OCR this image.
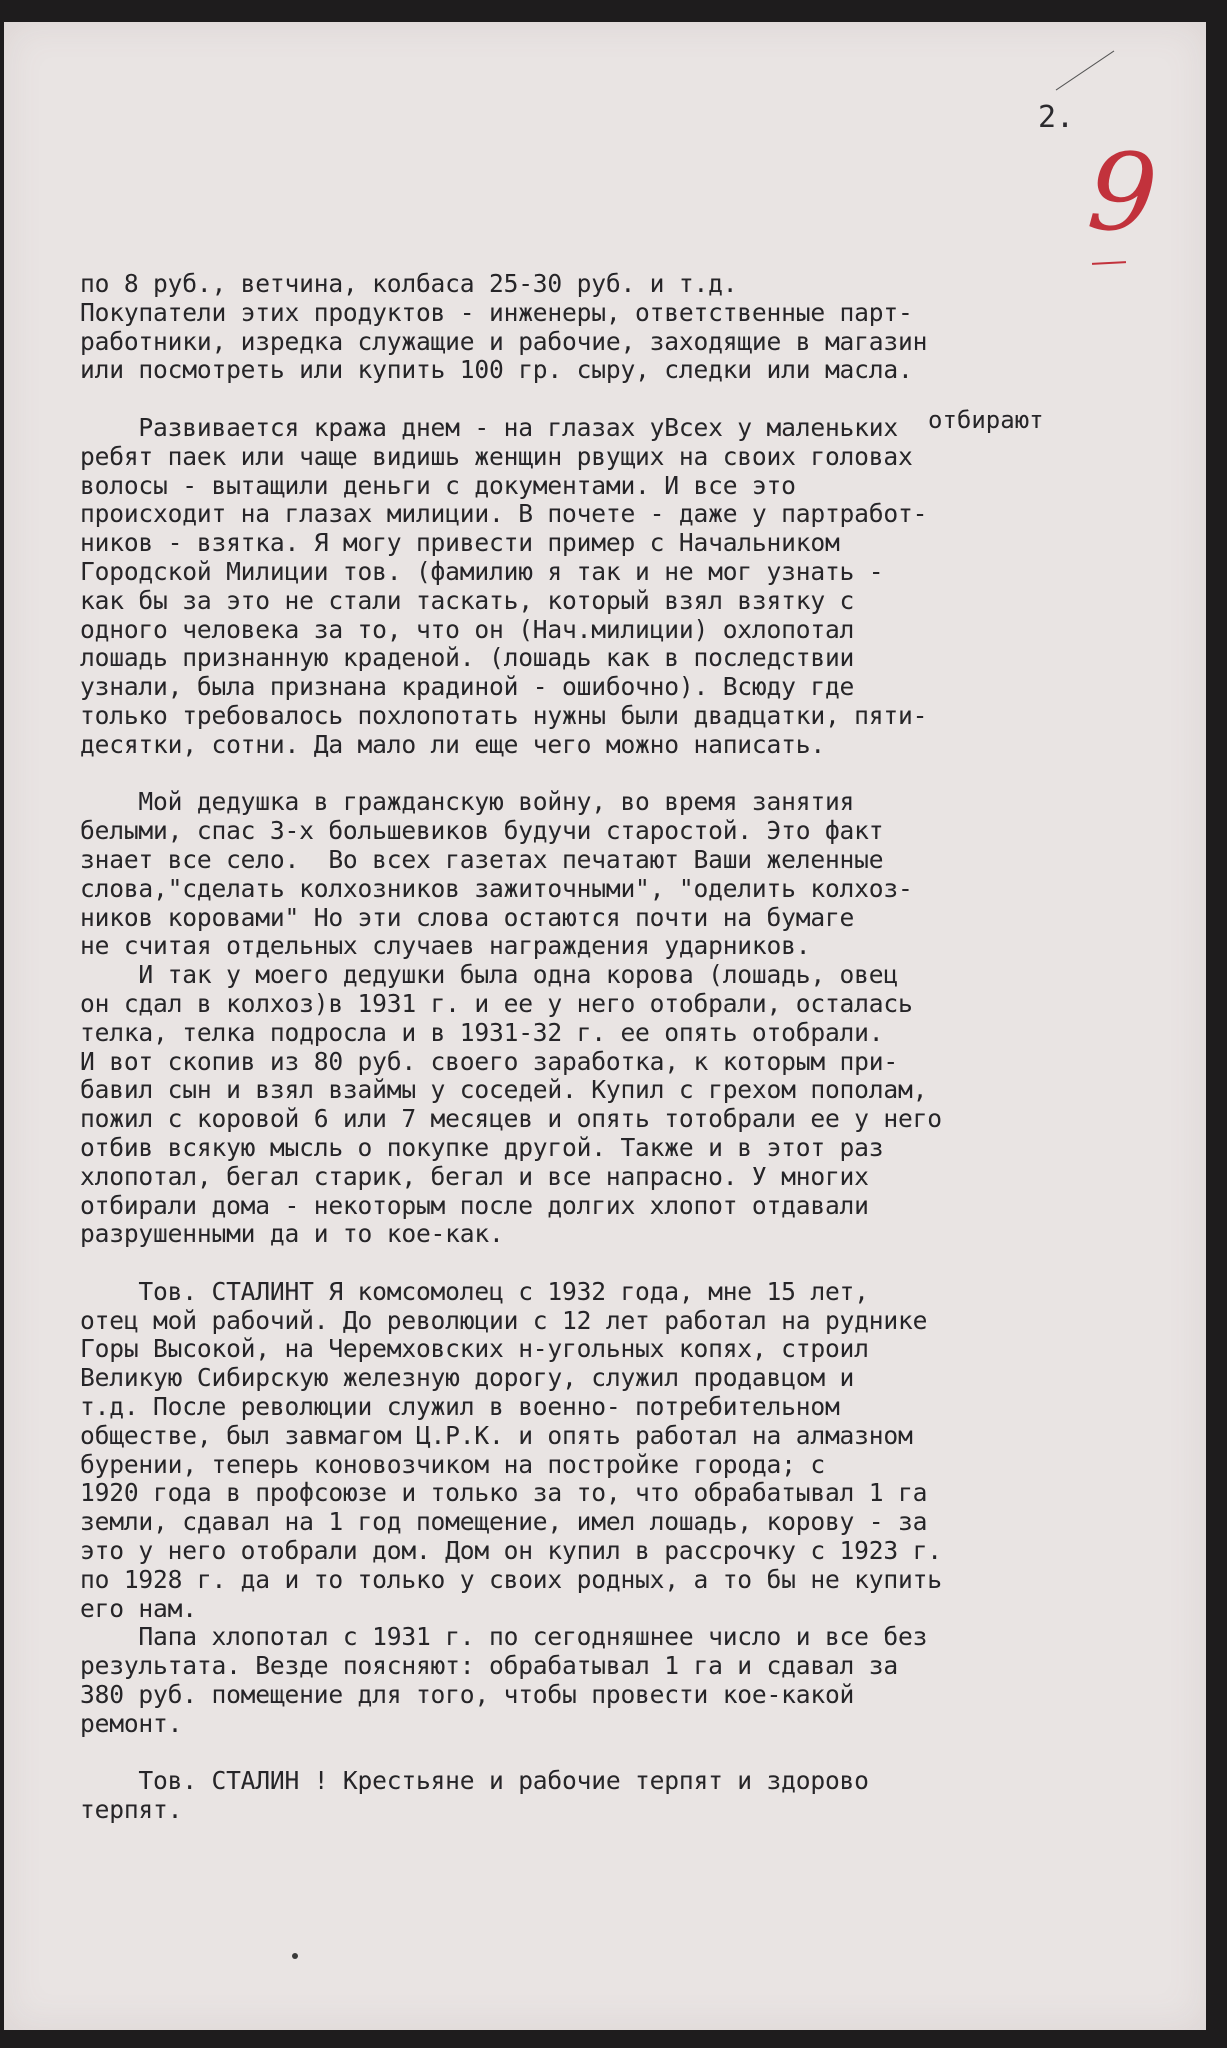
2.
9
отбирают
по 8 руб., ветчина, колбаса 25-30 руб. и т.д.
Покупатели этих продуктов - инженеры, ответственные парт-
работники, изредка служащие и рабочие, заходящие в магазин
или посмотреть или купить 100 гр. сыру, следки или масла.
Развивается кража днем - на глазах уВсех у маленьких
ребят паек или чаще видишь женщин рвущих на своих головах
волосы - вытащили деньги с документами. И все это
происходит на глазах милиции. В почете - даже у партработ-
ников - взятка. Я могу привести пример с Начальником
Городской Милиции тов. (фамилию я так и не мог узнать -
как бы за это не стали таскать, который взял взятку с
одного человека за то, что он (Нач.милиции) охлопотал
лошадь признанную краденой. (лошадь как в последствии
узнали, была признана крадиной - ошибочно). Всюду где
только требовалось похлопотать нужны были двадцатки, пяти-
десятки, сотни. Да мало ли еще чего можно написать.
Мой дедушка в гражданскую войну, во время занятия
белыми, спас 3-х большевиков будучи старостой. Это факт
знает все село.  Во всех газетах печатают Ваши желенные
слова,"сделать колхозников зажиточными", "оделить колхоз-
ников коровами" Но эти слова остаются почти на бумаге
не считая отдельных случаев награждения ударников.
И так у моего дедушки была одна корова (лошадь, овец
он сдал в колхоз)в 1931 г. и ее у него отобрали, осталась
телка, телка подросла и в 1931-32 г. ее опять отобрали.
И вот скопив из 80 руб. своего заработка, к которым при-
бавил сын и взял взаймы у соседей. Купил с грехом пополам,
пожил с коровой 6 или 7 месяцев и опять тотобрали ее у него
отбив всякую мысль о покупке другой. Также и в этот раз
хлопотал, бегал старик, бегал и все напрасно. У многих
отбирали дома - некоторым после долгих хлопот отдавали
разрушенными да и то кое-как.
Тов. СТАЛИНТ Я комсомолец с 1932 года, мне 15 лет,
отец мой рабочий. До революции с 12 лет работал на руднике
Горы Высокой, на Черемховских н-угольных копях, строил
Великую Сибирскую железную дорогу, служил продавцом и
т.д. После революции служил в военно- потребительном
обществе, был завмагом Ц.Р.К. и опять работал на алмазном
бурении, теперь коновозчиком на постройке города; с
1920 года в профсоюзе и только за то, что обрабатывал 1 га
земли, сдавал на 1 год помещение, имел лошадь, корову - за
это у него отобрали дом. Дом он купил в рассрочку с 1923 г.
по 1928 г. да и то только у своих родных, а то бы не купить
его нам.
Папа хлопотал с 1931 г. по сегодняшнее число и все без
результата. Везде поясняют: обрабатывал 1 га и сдавал за
380 руб. помещение для того, чтобы провести кое-какой
ремонт.
Тов. СТАЛИН ! Крестьяне и рабочие терпят и здорово
терпят.
